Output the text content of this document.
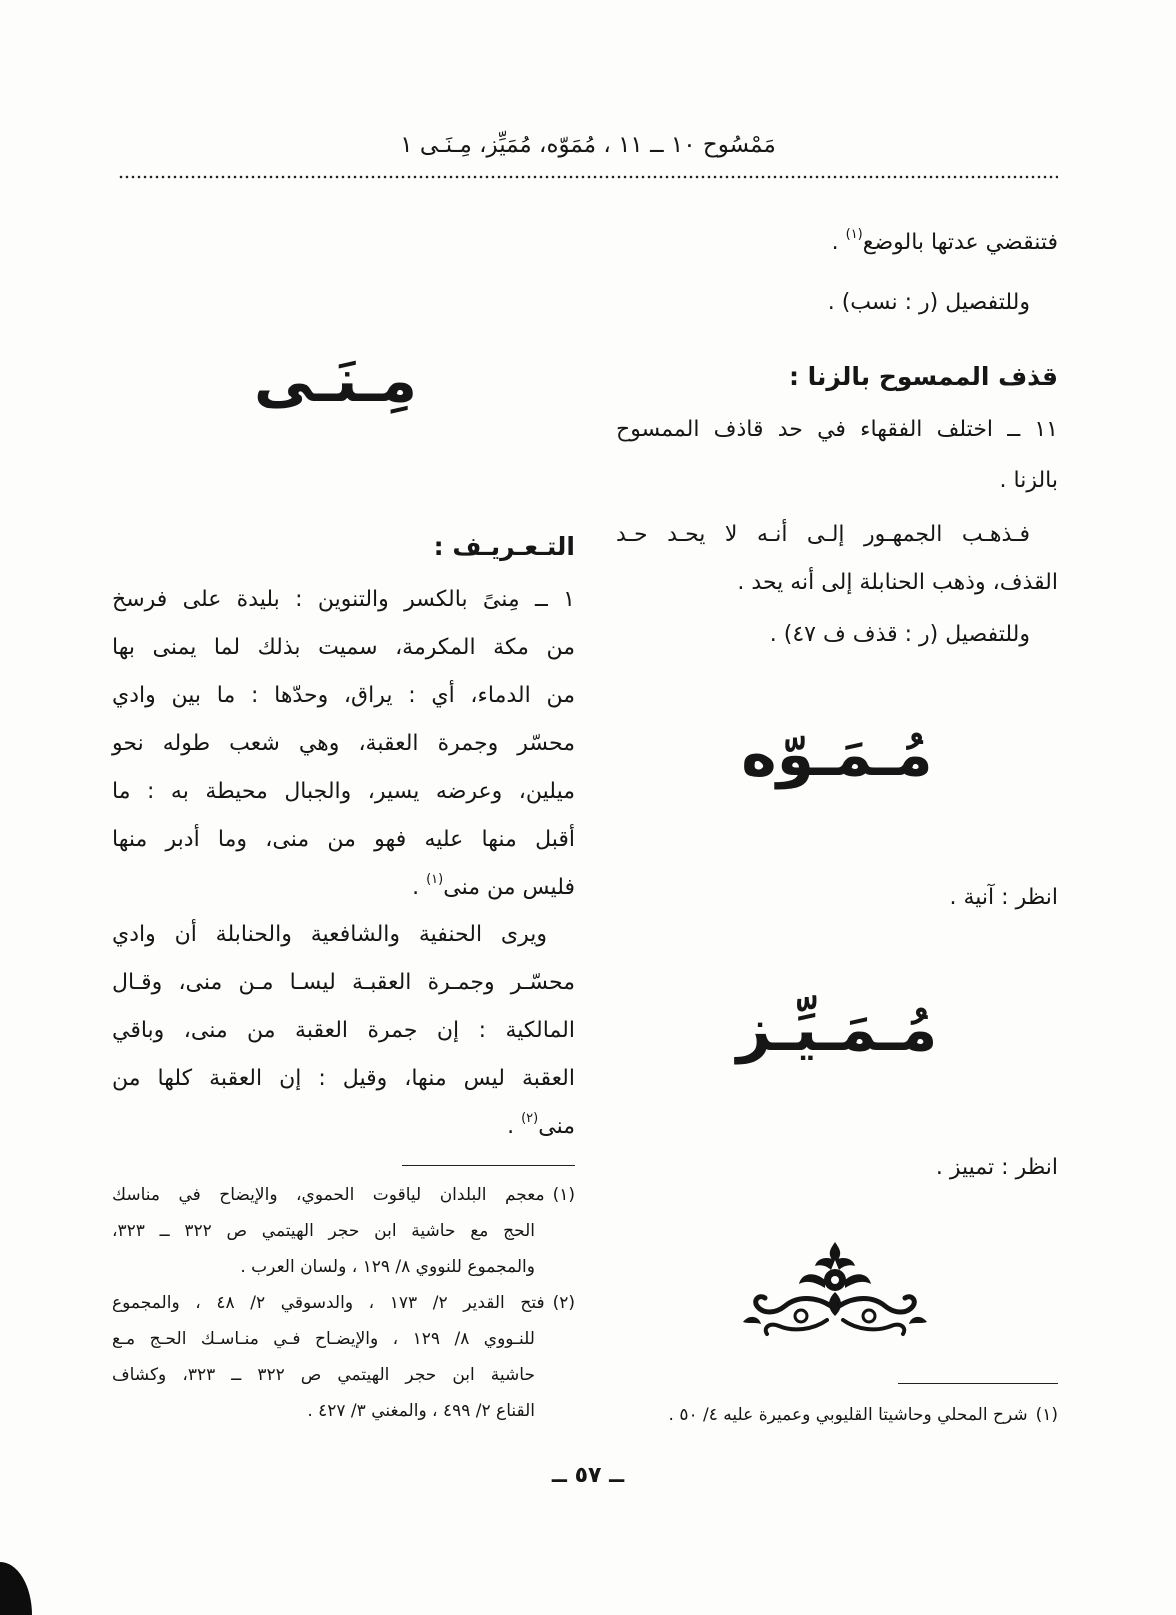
مَمْسُوح ١٠ ــ ١١ ، مُمَوّه، مُمَيِّز، مِـنَـى ١
فتنقضي عدتها بالوضع$^{(١)}$ .
وللتفصيل (ر : نسب) .
قذف الممسوح بالزنا :
١١ ــ اختلف الفقهاء في حد قاذف الممسوح
بالزنا .
فـذهـب الجمهـور إلـى أنـه لا يحـد حـد
القذف، وذهب الحنابلة إلى أنه يحد .
وللتفصيل (ر : قذف ف ٤٧) .
مُـمَـوّه
انظر : آنية .
مُـمَـيِّـز
انظر : تمييز .
(١)شرح المحلي وحاشيتا القليوبي وعميرة عليه ٤/ ٥٠ .
مِـنَـى
التـعـريـف :
١ ــ مِنىً بالكسر والتنوين : بليدة على فرسخ
من مكة المكرمة، سميت بذلك لما يمنى بها
من الدماء، أي : يراق، وحدّها : ما بين وادي
محسّر وجمرة العقبة، وهي شعب طوله نحو
ميلين، وعرضه يسير، والجبال محيطة به : ما
أقبل منها عليه فهو من منى، وما أدبر منها
فليس من منى$^{(١)}$ .
ويرى الحنفية والشافعية والحنابلة أن وادي
محسّـر وجمـرة العقبـة ليسـا مـن منى، وقـال
المالكية : إن جمرة العقبة من منى، وباقي
العقبة ليس منها، وقيل : إن العقبة كلها من
منى$^{(٢)}$ .
(١)معجم البلدان لياقوت الحموي، والإيضاح في مناسك
الحج مع حاشية ابن حجر الهيتمي ص ٣٢٢ ــ ٣٢٣،
والمجموع للنووي ٨/ ١٢٩ ، ولسان العرب .
(٢)فتح القدير ٢/ ١٧٣ ، والدسوقي ٢/ ٤٨ ، والمجموع
للنـووي ٨/ ١٢٩ ، والإيضـاح فـي منـاسـك الحـج مـع
حاشية ابن حجر الهيتمي ص ٣٢٢ ــ ٣٢٣، وكشاف
القناع ٢/ ٤٩٩ ، والمغني ٣/ ٤٢٧ .
ــ ٥٧ ــ
